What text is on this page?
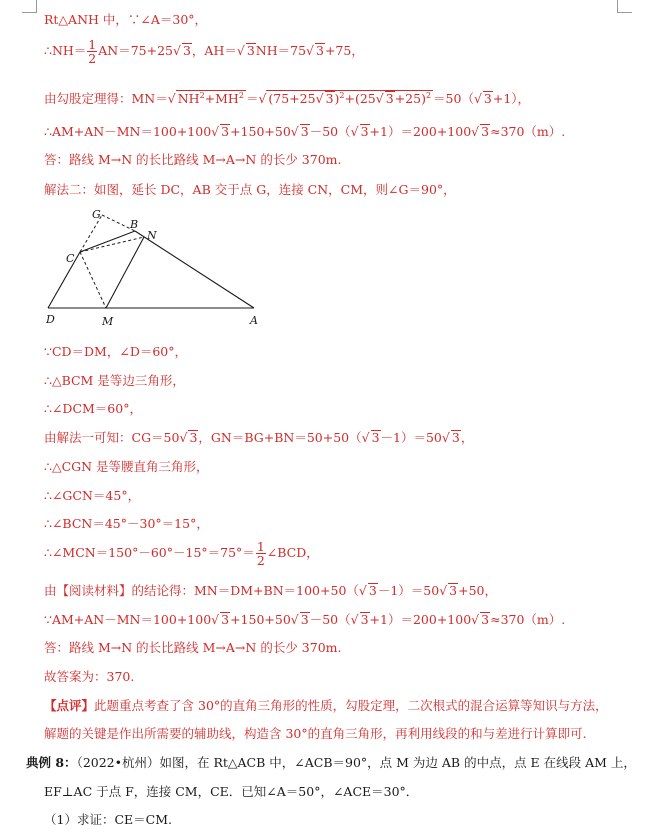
Rt△ANH 中，∵∠A＝30°，
∴NH＝ $\frac{1}{2} AN=75+25√$ 3，AH＝√ 3NH＝75√ 3+75，
由勾股定理得：MN＝√ $NH^2+MH^2$ ＝√ (75+25√ 3)$^2$+(25√ 3+25)$^2$ ＝50（√ 3+1），
∴AM+AN－MN＝100+100√ 3+150+50√ 3－50（√ 3+1）＝200+100√ 3≈370（m）.
答：路线 M→N 的长比路线 M→A→N 的长少 370m.
解法二：如图，延长 DC，AB 交于点 G，连接 CN，CM，则∠G＝90°，
G
B
N
C
D	M	A
∵CD＝DM，∠D＝60°，
∴△BCM 是等边三角形，
∴∠DCM＝60°，
由解法一可知：CG＝50√ 3，GN＝BG+BN＝50+50（√ 3－1）＝50√ 3，
∴△CGN 是等腰直角三角形，
∴∠GCN＝45°，
∴∠BCN＝45°－30°＝15°，
∴∠MCN＝150°－60°－15°＝75°＝ $\frac{1}{2}$ ∠BCD，
由【阅读材料】的结论得：MN＝DM+BN＝100+50（√ 3－1）＝50√ 3+50，
∵AM+AN－MN＝100+100√ 3+150+50√ 3－50（√ 3+1）＝200+100√ 3≈370（m）.
答：路线 M→N 的长比路线 M→A→N 的长少 370m.
故答案为：370.
【点评】此题重点考查了含 30°的直角三角形的性质，勾股定理，二次根式的混合运算等知识与方法，
解题的关键是作出所需要的辅助线，构造含 30°的直角三角形，再利用线段的和与差进行计算即可.
典例 8：（2022•杭州）如图，在 Rt△ACB 中，∠ACB＝90°，点 M 为边 AB 的中点，点 E 在线段 AM 上，
EF⊥AC 于点 F，连接 CM，CE．已知∠A＝50°，∠ACE＝30°．
（1）求证：CE＝CM.
